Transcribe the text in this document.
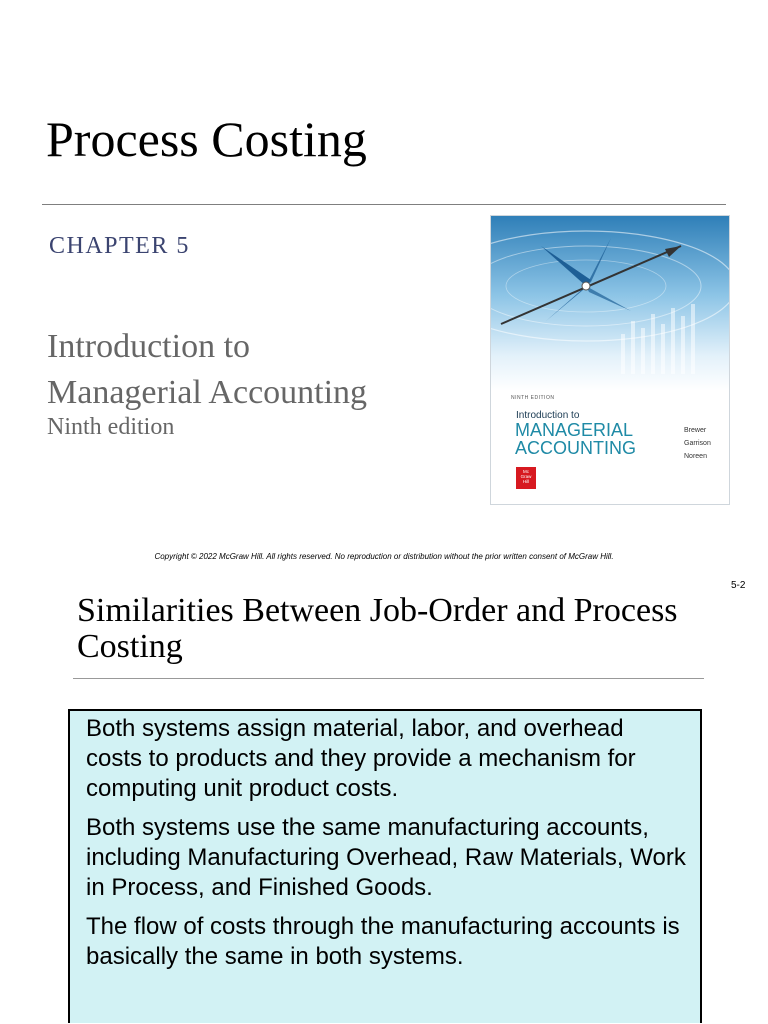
Process Costing
CHAPTER 5
Introduction to
Managerial Accounting
Ninth edition
NINTH EDITION
Introduction to
MANAGERIAL
ACCOUNTING
Brewer
Garrison
Noreen
Mc
Graw
Hill
Copyright © 2022 McGraw Hill. All rights reserved. No reproduction or distribution without the prior written consent of McGraw Hill.
5-2
Similarities Between Job-Order and Process Costing

Both systems assign material, labor, and overhead costs to products and they provide a mechanism for computing unit product costs.

Both systems use the same manufacturing accounts, including Manufacturing Overhead, Raw Materials, Work in Process, and Finished Goods.

The flow of costs through the manufacturing accounts is basically the same in both systems.
